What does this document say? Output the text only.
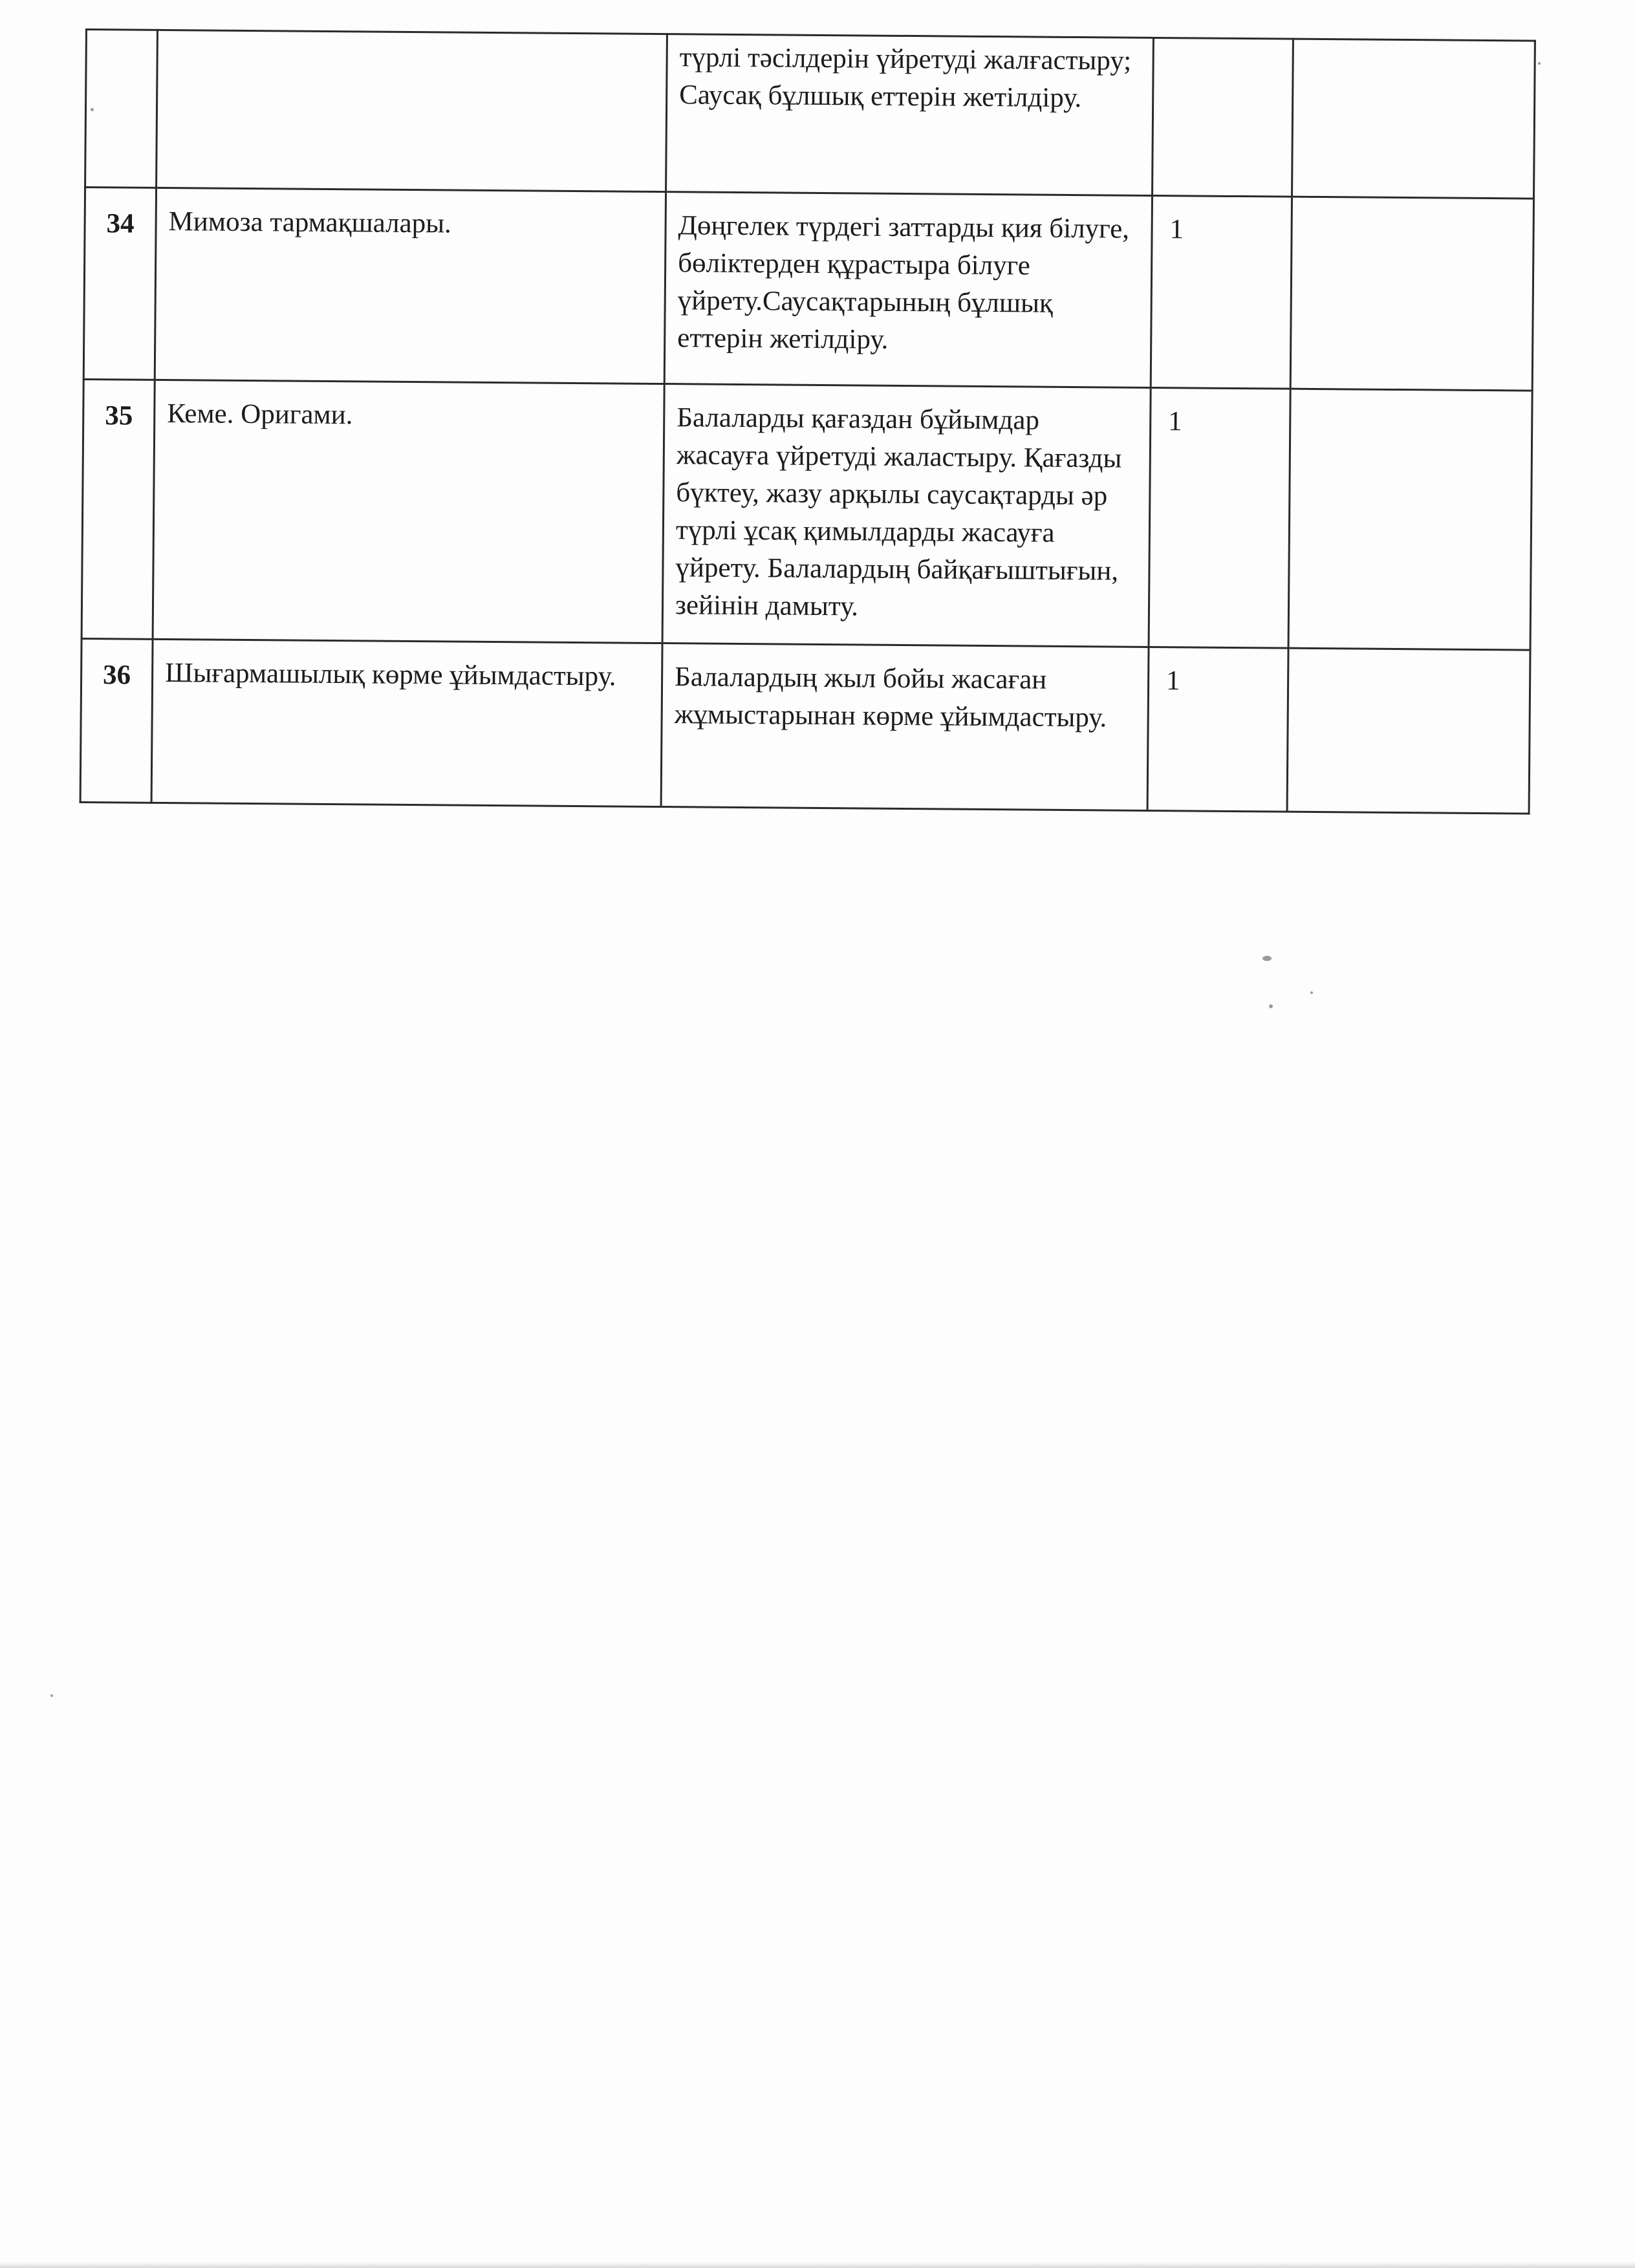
		түрлі тәсілдерін үйретуді жалғастыру; Саусақ бұлшық еттерін жетілдіру.		
34	Мимоза тармақшалары.	Дөңгелек түрдегі заттарды қия білуге, бөліктерден құрастыра білуге үйрету.Саусақтарының бұлшық еттерін жетілдіру.	1	
35	Кеме. Оригами.	Балаларды қағаздан бұйымдар жасауға үйретуді жаластыру. Қағазды бүктеу, жазу арқылы саусақтарды әр түрлі ұсақ қимылдарды жасауға үйрету. Балалардың байқағыштығын, зейінін дамыту.	1	
36	Шығармашылық көрме ұйымдастыру.	Балалардың жыл бойы жасаған жұмыстарынан көрме ұйымдастыру.	1	
